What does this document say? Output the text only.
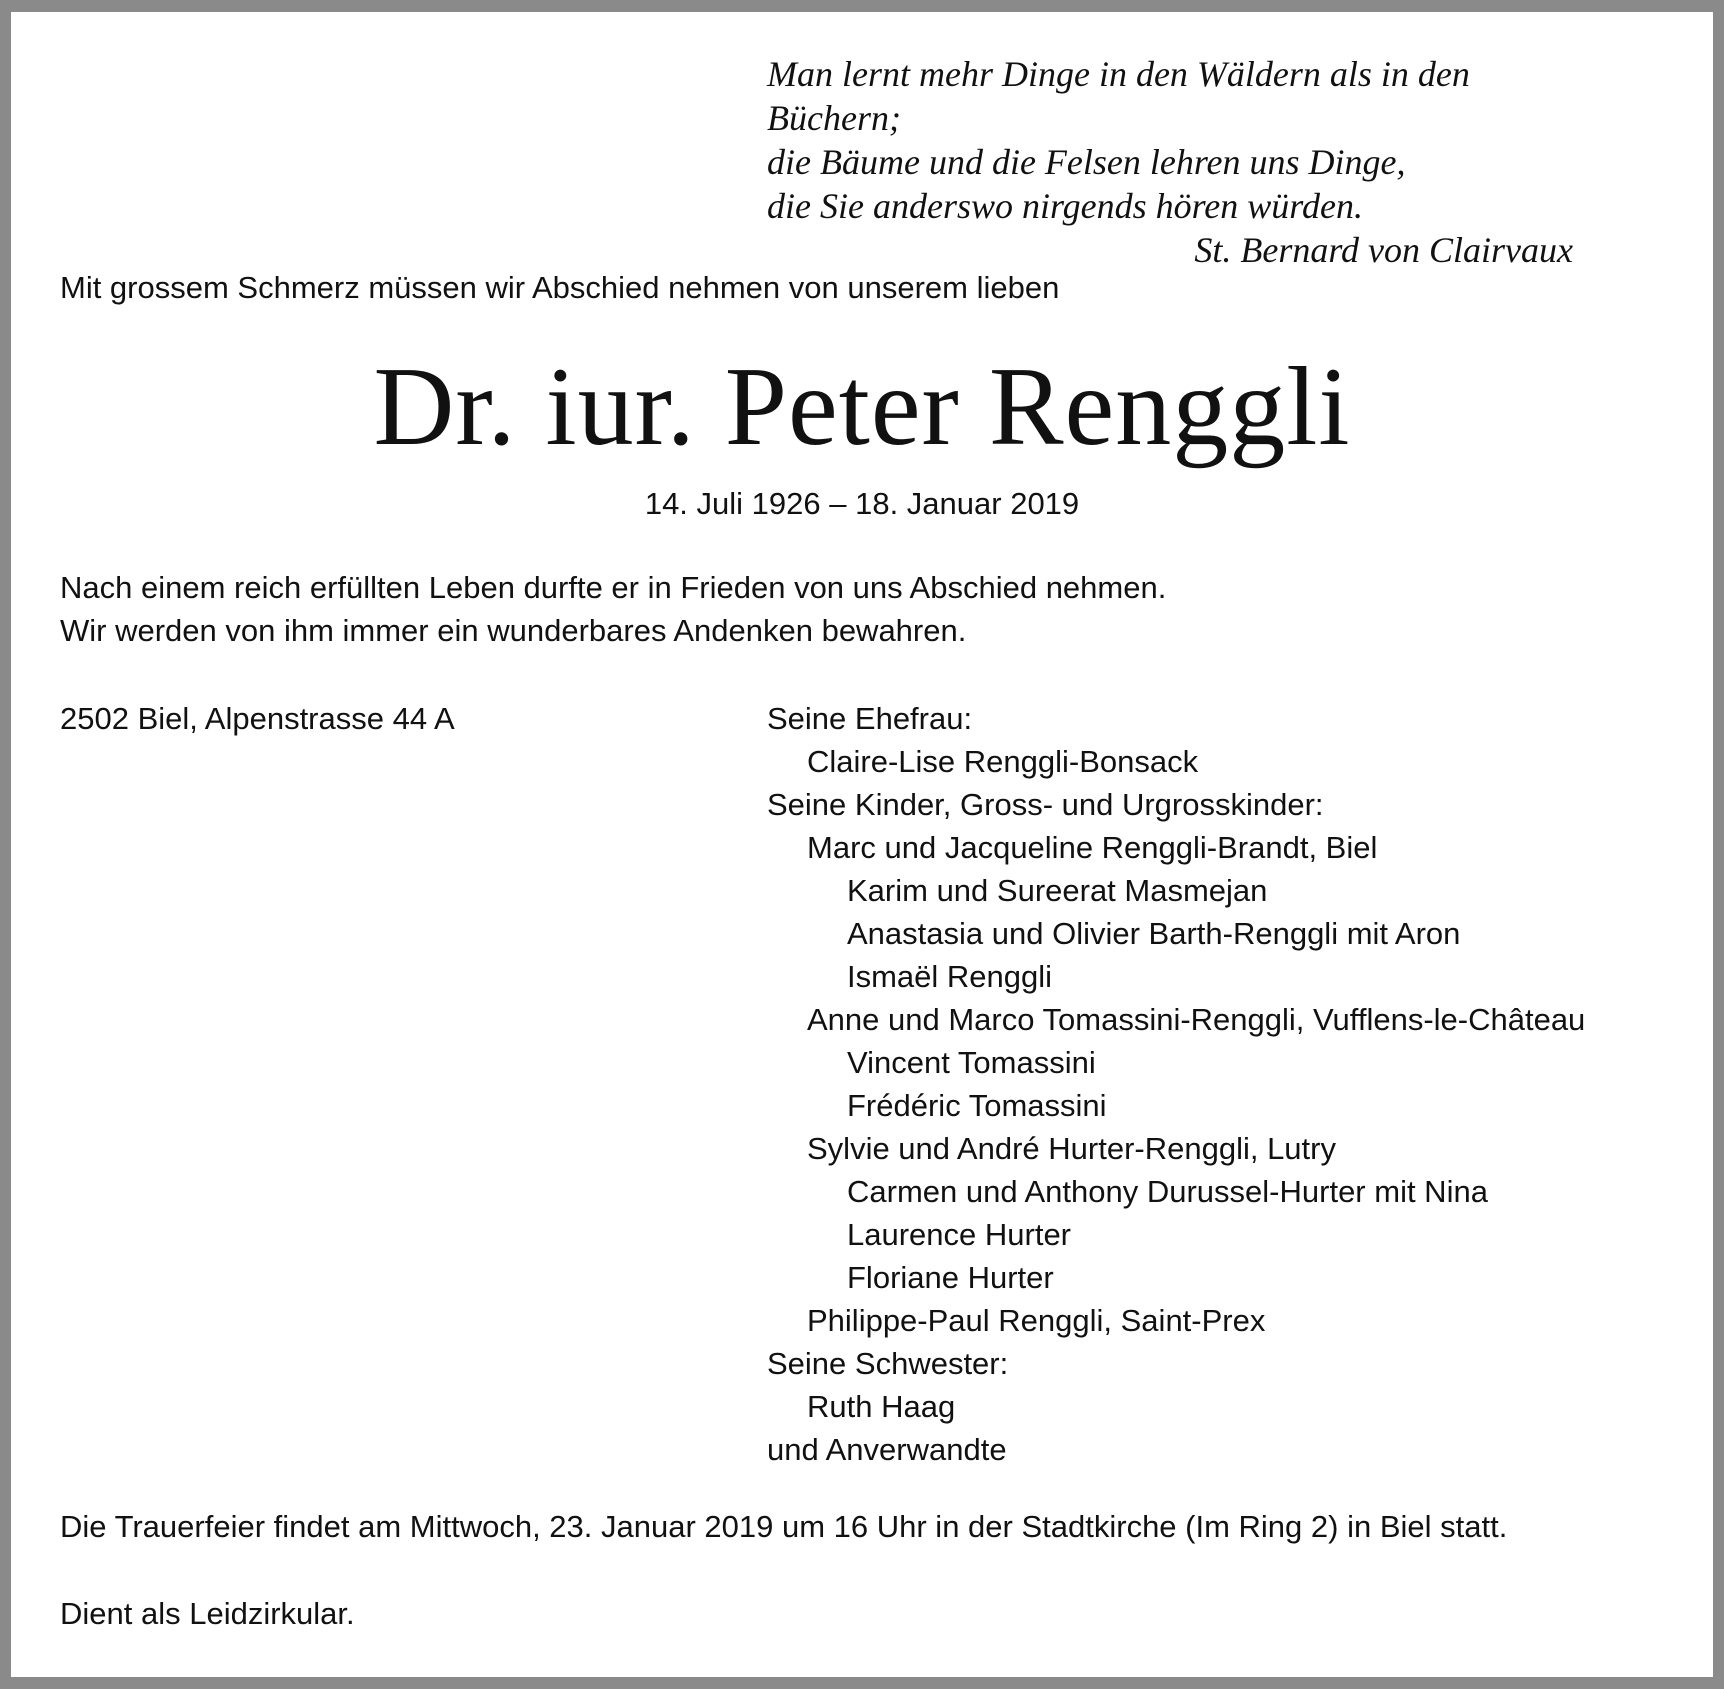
Man lernt mehr Dinge in den Wäldern als in den Büchern;
die Bäume und die Felsen lehren uns Dinge,
die Sie anderswo nirgends hören würden.
St. Bernard von Clairvaux
Mit grossem Schmerz müssen wir Abschied nehmen von unserem lieben
Dr. iur. Peter Renggli
14. Juli 1926 – 18. Januar 2019
Nach einem reich erfüllten Leben durfte er in Frieden von uns Abschied nehmen.
Wir werden von ihm immer ein wunderbares Andenken bewahren.
2502 Biel, Alpenstrasse 44 A	Seine Ehefrau:
Claire-Lise Renggli-Bonsack
Seine Kinder, Gross- und Urgrosskinder:
Marc und Jacqueline Renggli-Brandt, Biel
Karim und Sureerat Masmejan
Anastasia und Olivier Barth-Renggli mit Aron
Ismaël Renggli
Anne und Marco Tomassini-Renggli, Vufflens-le-Château
Vincent Tomassini
Frédéric Tomassini
Sylvie und André Hurter-Renggli, Lutry
Carmen und Anthony Durussel-Hurter mit Nina
Laurence Hurter
Floriane Hurter
Philippe-Paul Renggli, Saint-Prex
Seine Schwester:
Ruth Haag
und Anverwandte
Die Trauerfeier findet am Mittwoch, 23. Januar 2019 um 16 Uhr in der Stadtkirche (Im Ring 2) in Biel statt.
Dient als Leidzirkular.
